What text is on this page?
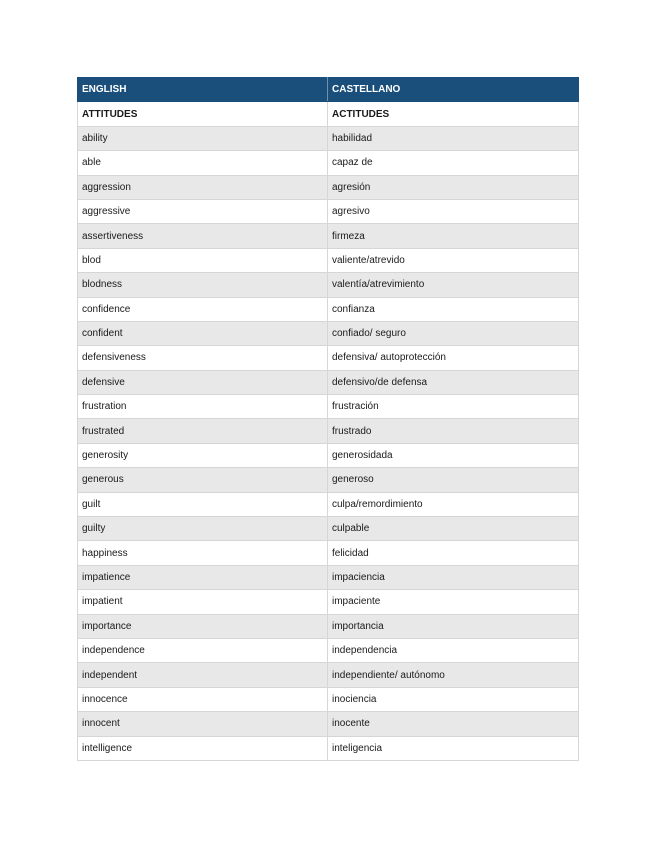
ENGLISH	CASTELLANO
ATTITUDES	ACTITUDES
ability	habilidad
able	capaz de
aggression	agresión
aggressive	agresivo
assertiveness	firmeza
blod	valiente/atrevido
blodness	valentía/atrevimiento
confidence	confianza
confident	confiado/ seguro
defensiveness	defensiva/ autoprotección
defensive	defensivo/de defensa
frustration	frustración
frustrated	frustrado
generosity	generosidada
generous	generoso
guilt	culpa/remordimiento
guilty	culpable
happiness	felicidad
impatience	impaciencia
impatient	impaciente
importance	importancia
independence	independencia
independent	independiente/ autónomo
innocence	inociencia
innocent	inocente
intelligence	inteligencia
